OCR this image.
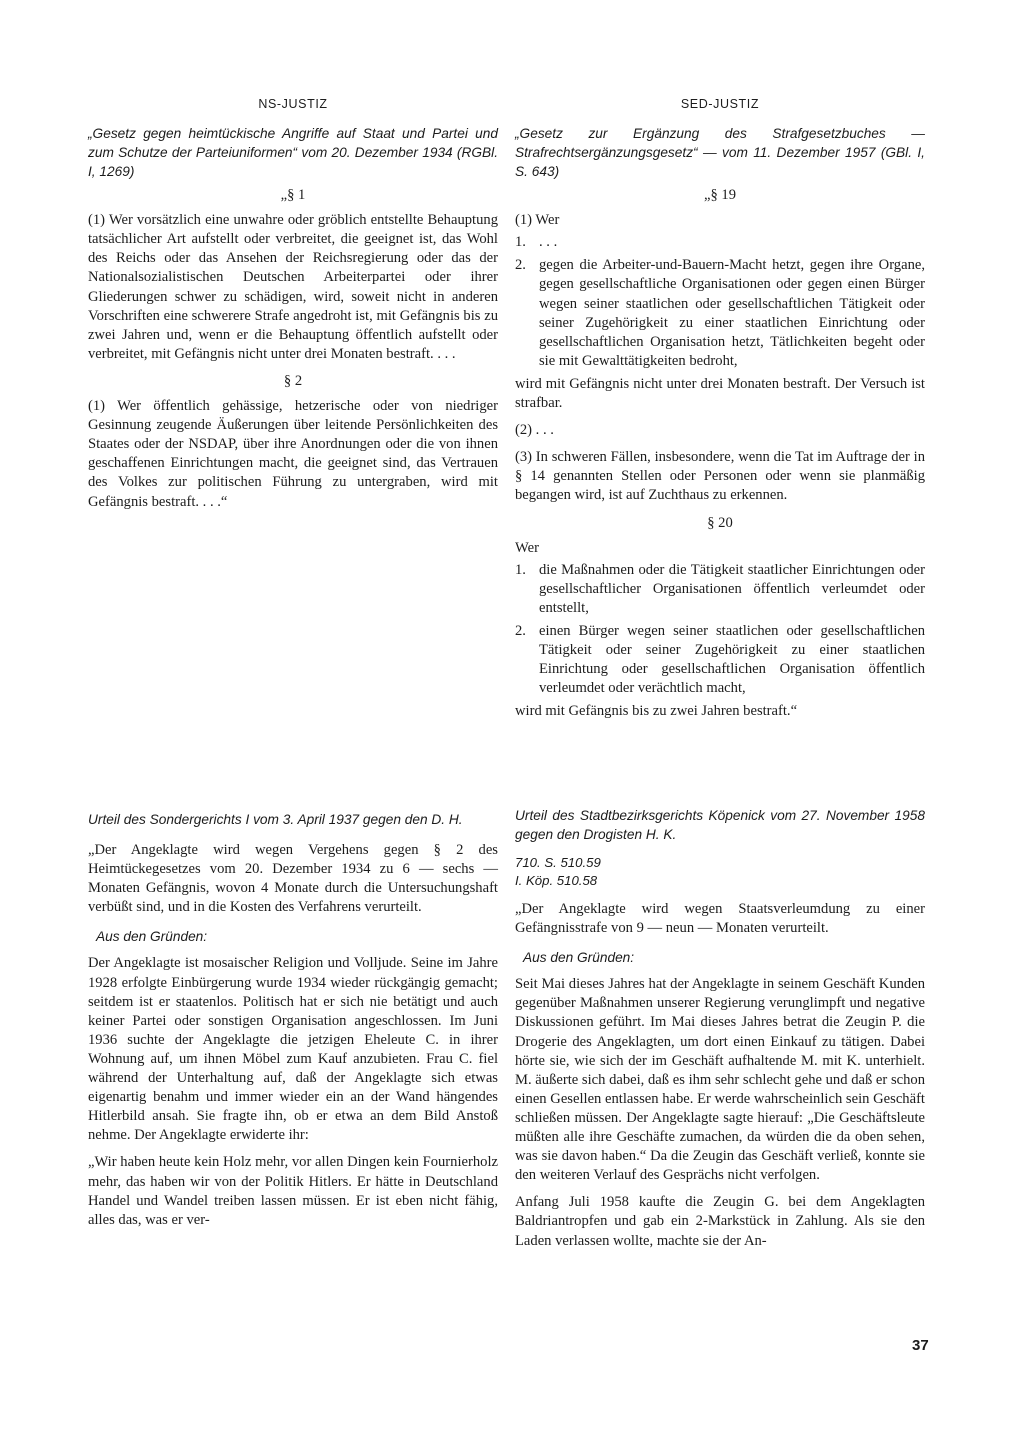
NS-JUSTIZ
„Gesetz gegen heimtückische Angriffe auf Staat und Partei und zum Schutze der Parteiuniformen“ vom 20. Dezember 1934 (RGBl. I, 1269)
„§ 1

(1) Wer vorsätzlich eine unwahre oder gröblich entstellte Behauptung tatsächlicher Art aufstellt oder verbreitet, die geeignet ist, das Wohl des Reichs oder das Ansehen der Reichsregierung oder das der Nationalsozialistischen Deutschen Arbeiterpartei oder ihrer Gliederungen schwer zu schädigen, wird, soweit nicht in anderen Vorschriften eine schwerere Strafe angedroht ist, mit Gefängnis bis zu zwei Jahren und, wenn er die Behauptung öffentlich aufstellt oder verbreitet, mit Gefängnis nicht unter drei Monaten bestraft. . . .

§ 2

(1) Wer öffentlich gehässige, hetzerische oder von niedriger Gesinnung zeugende Äußerungen über leitende Persönlichkeiten des Staates oder der NSDAP, über ihre Anordnungen oder die von ihnen geschaffenen Einrichtungen macht, die geeignet sind, das Vertrauen des Volkes zur politischen Führung zu untergraben, wird mit Gefängnis bestraft. . . .“

SED-JUSTIZ
„Gesetz zur Ergänzung des Strafgesetzbuches — Strafrechtsergänzungsgesetz“ — vom 11. Dezember 1957 (GBl. I, S. 643)
„§ 19

(1) Wer

1. . . .
2. gegen die Arbeiter-und-Bauern-Macht hetzt, gegen ihre Organe, gegen gesellschaftliche Organisationen oder gegen einen Bürger wegen seiner staatlichen oder gesellschaftlichen Tätigkeit oder seiner Zugehörigkeit zu einer staatlichen Einrichtung oder gesellschaftlichen Organisation hetzt, Tätlichkeiten begeht oder sie mit Gewalttätigkeiten bedroht,

wird mit Gefängnis nicht unter drei Monaten bestraft. Der Versuch ist strafbar.

(2) . . .

(3) In schweren Fällen, insbesondere, wenn die Tat im Auftrage der in § 14 genannten Stellen oder Personen oder wenn sie planmäßig begangen wird, ist auf Zuchthaus zu erkennen.

§ 20

Wer

1. die Maßnahmen oder die Tätigkeit staatlicher Einrichtungen oder gesellschaftlicher Organisationen öffentlich verleumdet oder entstellt,
2. einen Bürger wegen seiner staatlichen oder gesellschaftlichen Tätigkeit oder seiner Zugehörigkeit zu einer staatlichen Einrichtung oder gesellschaftlichen Organisation öffentlich verleumdet oder verächtlich macht,

wird mit Gefängnis bis zu zwei Jahren bestraft.“

Urteil des Sondergerichts I vom 3. April 1937 gegen den D. H.

„Der Angeklagte wird wegen Vergehens gegen § 2 des Heimtückegesetzes vom 20. Dezember 1934 zu 6 — sechs — Monaten Gefängnis, wovon 4 Monate durch die Untersuchungshaft verbüßt sind, und in die Kosten des Verfahrens verurteilt.

Aus den Gründen:

Der Angeklagte ist mosaischer Religion und Volljude. Seine im Jahre 1928 erfolgte Einbürgerung wurde 1934 wieder rückgängig gemacht; seitdem ist er staatenlos. Politisch hat er sich nie betätigt und auch keiner Partei oder sonstigen Organisation angeschlossen. Im Juni 1936 suchte der Angeklagte die jetzigen Eheleute C. in ihrer Wohnung auf, um ihnen Möbel zum Kauf anzubieten. Frau C. fiel während der Unterhaltung auf, daß der Angeklagte sich etwas eigenartig benahm und immer wieder ein an der Wand hängendes Hitlerbild ansah. Sie fragte ihn, ob er etwa an dem Bild Anstoß nehme. Der Angeklagte erwiderte ihr:

„Wir haben heute kein Holz mehr, vor allen Dingen kein Fournierholz mehr, das haben wir von der Politik Hitlers. Er hätte in Deutschland Handel und Wandel treiben lassen müssen. Er ist eben nicht fähig, alles das, was er ver-

Urteil des Stadtbezirksgerichts Köpenick vom 27. November 1958 gegen den Drogisten H. K.
710. S. 510.59
I. Köp. 510.58

„Der Angeklagte wird wegen Staatsverleumdung zu einer Gefängnisstrafe von 9 — neun — Monaten verurteilt.

Aus den Gründen:

Seit Mai dieses Jahres hat der Angeklagte in seinem Geschäft Kunden gegenüber Maßnahmen unserer Regierung verunglimpft und negative Diskussionen geführt. Im Mai dieses Jahres betrat die Zeugin P. die Drogerie des Angeklagten, um dort einen Einkauf zu tätigen. Dabei hörte sie, wie sich der im Geschäft aufhaltende M. mit K. unterhielt. M. äußerte sich dabei, daß es ihm sehr schlecht gehe und daß er schon einen Gesellen entlassen habe. Er werde wahrscheinlich sein Geschäft schließen müssen. Der Angeklagte sagte hierauf: „Die Geschäftsleute müßten alle ihre Geschäfte zumachen, da würden die da oben sehen, was sie davon haben.“ Da die Zeugin das Geschäft verließ, konnte sie den weiteren Verlauf des Gesprächs nicht verfolgen.

Anfang Juli 1958 kaufte die Zeugin G. bei dem Angeklagten Baldriantropfen und gab ein 2-Markstück in Zahlung. Als sie den Laden verlassen wollte, machte sie der An-

37
